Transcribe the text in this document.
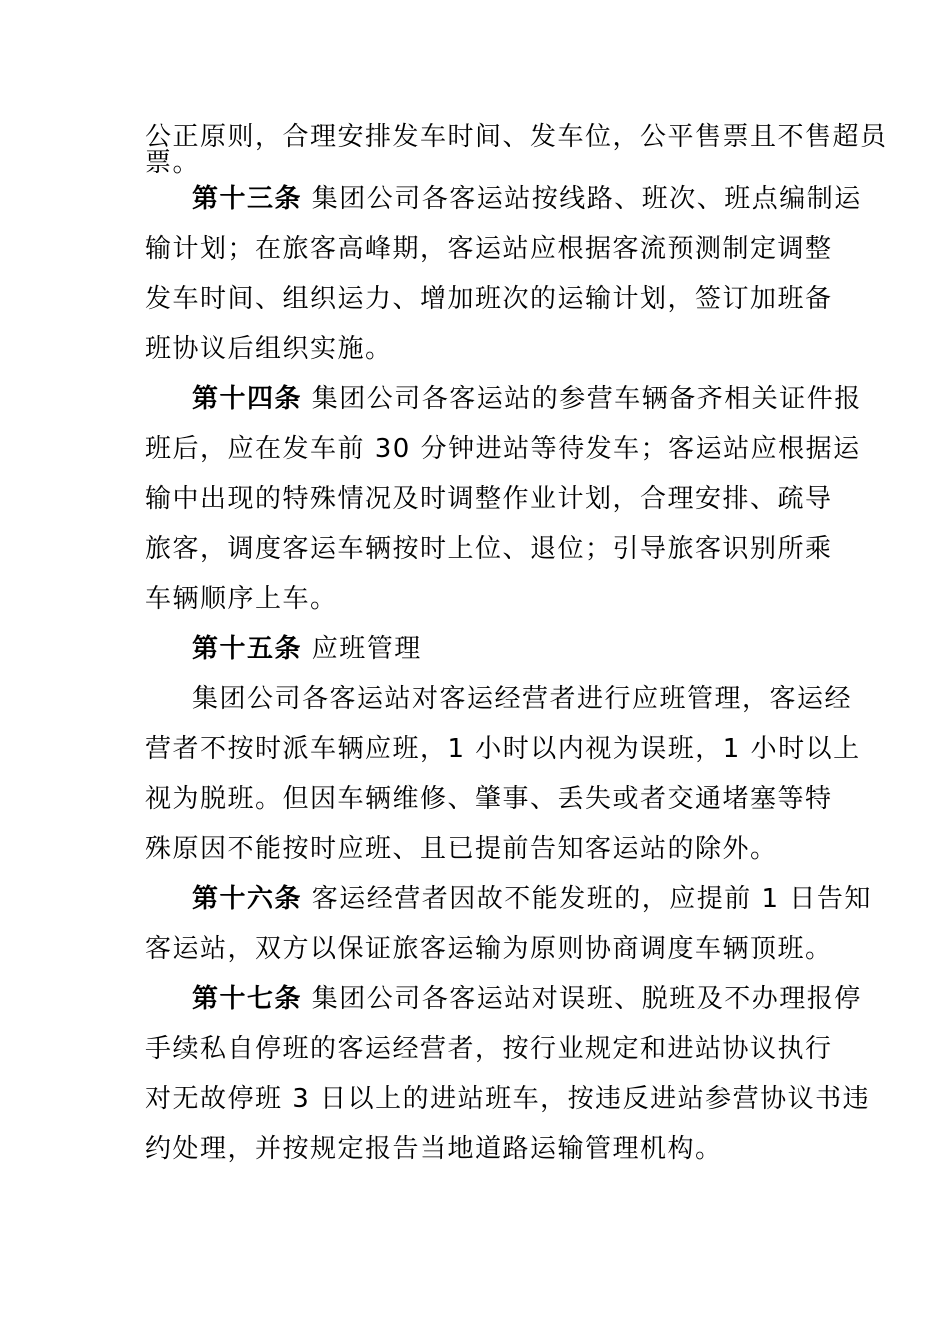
公正原则，合理安排发车时间、发车位，公平售票且不售超员
票。
第十三条 集团公司各客运站按线路、班次、班点编制运
输计划；在旅客高峰期，客运站应根据客流预测制定调整
发车时间、组织运力、增加班次的运输计划，签订加班备
班协议后组织实施。
第十四条 集团公司各客运站的参营车辆备齐相关证件报
班后，应在发车前 30 分钟进站等待发车；客运站应根据运
输中出现的特殊情况及时调整作业计划，合理安排、疏导
旅客，调度客运车辆按时上位、退位；引导旅客识别所乘
车辆顺序上车。
第十五条 应班管理
集团公司各客运站对客运经营者进行应班管理，客运经
营者不按时派车辆应班，1 小时以内视为误班，1 小时以上
视为脱班。但因车辆维修、肇事、丢失或者交通堵塞等特
殊原因不能按时应班、且已提前告知客运站的除外。
第十六条 客运经营者因故不能发班的，应提前 1 日告知
客运站，双方以保证旅客运输为原则协商调度车辆顶班。
第十七条 集团公司各客运站对误班、脱班及不办理报停
手续私自停班的客运经营者，按行业规定和进站协议执行
对无故停班 3 日以上的进站班车，按违反进站参营协议书违
约处理，并按规定报告当地道路运输管理机构。
